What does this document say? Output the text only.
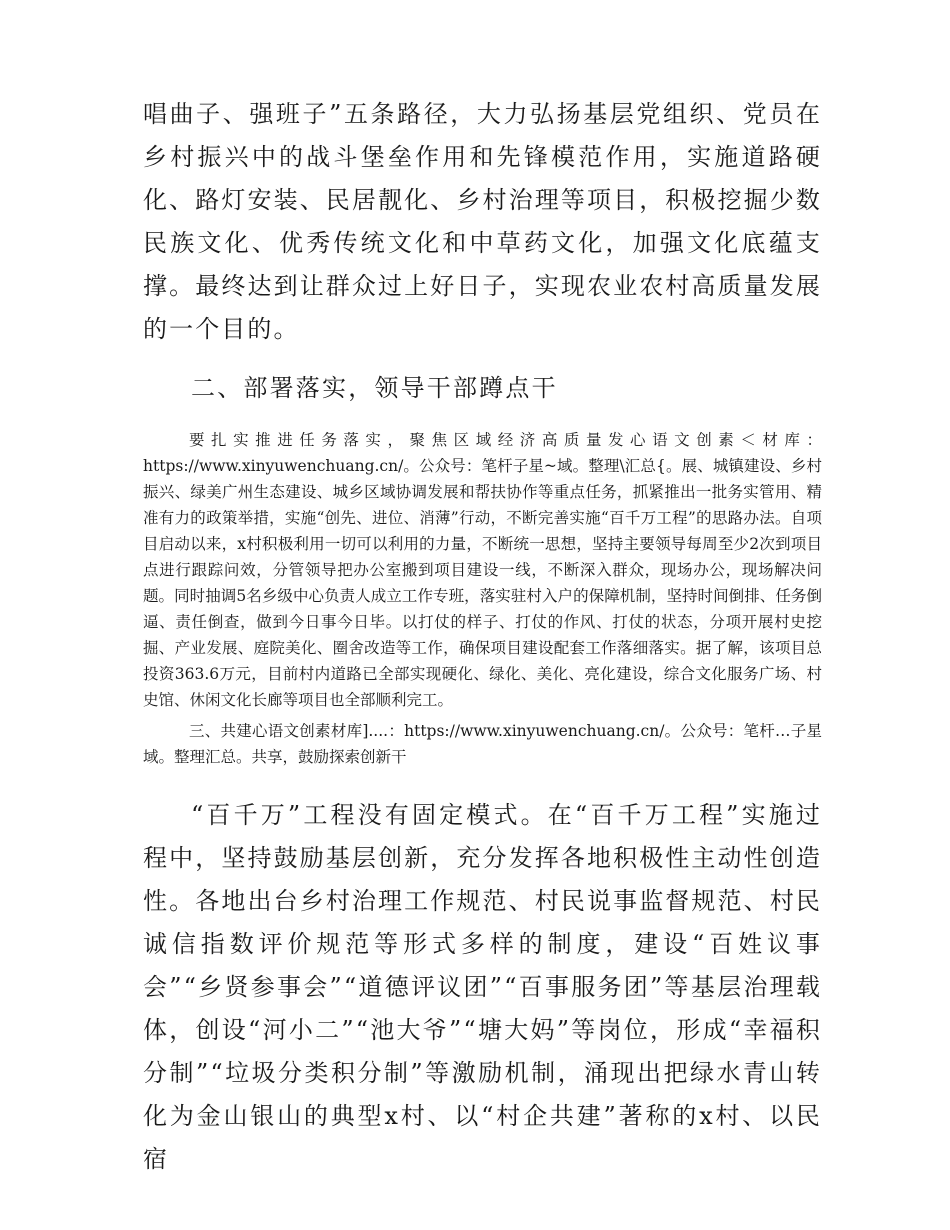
唱曲子、强班子”五条路径，大力弘扬基层党组织、党员在乡村振兴中的战斗堡垒作用和先锋模范作用，实施道路硬化、路灯安装、民居靓化、乡村治理等项目，积极挖掘少数民族文化、优秀传统文化和中草药文化，加强文化底蕴支撑。最终达到让群众过上好日子，实现农业农村高质量发展的一个目的。

二、部署落实，领导干部蹲点干

要扎实推进任务落实，聚焦区域经济高质量发心语文创素＜材库：https://www.xinyuwenchuang.cn/。公众号：笔杆子星~域。整理\汇总{。展、城镇建设、乡村振兴、绿美广州生态建设、城乡区域协调发展和帮扶协作等重点任务，抓紧推出一批务实管用、精准有力的政策举措，实施“创先、进位、消薄”行动，不断完善实施“百千万工程”的思路办法。自项目启动以来，x村积极利用一切可以利用的力量，不断统一思想，坚持主要领导每周至少2次到项目点进行跟踪问效，分管领导把办公室搬到项目建设一线，不断深入群众，现场办公，现场解决问题。同时抽调5名乡级中心负责人成立工作专班，落实驻村入户的保障机制，坚持时间倒排、任务倒逼、责任倒查，做到今日事今日毕。以打仗的样子、打仗的作风、打仗的状态，分项开展村史挖掘、产业发展、庭院美化、圈舍改造等工作，确保项目建设配套工作落细落实。据了解，该项目总投资363.6万元，目前村内道路已全部实现硬化、绿化、美化、亮化建设，综合文化服务广场、村史馆、休闲文化长廊等项目也全部顺利完工。

三、共建心语文创素材库]....：https://www.xinyuwenchuang.cn/。公众号：笔杆…子星域。整理汇总。共享，鼓励探索创新干

“百千万”工程没有固定模式。在“百千万工程”实施过程中，坚持鼓励基层创新，充分发挥各地积极性主动性创造性。各地出台乡村治理工作规范、村民说事监督规范、村民诚信指数评价规范等形式多样的制度，建设“百姓议事会”“乡贤参事会”“道德评议团”“百事服务团”等基层治理载体，创设“河小二”“池大爷”“塘大妈”等岗位，形成“幸福积分制”“垃圾分类积分制”等激励机制，涌现出把绿水青山转化为金山银山的典型x村、以“村企共建”著称的x村、以民宿
